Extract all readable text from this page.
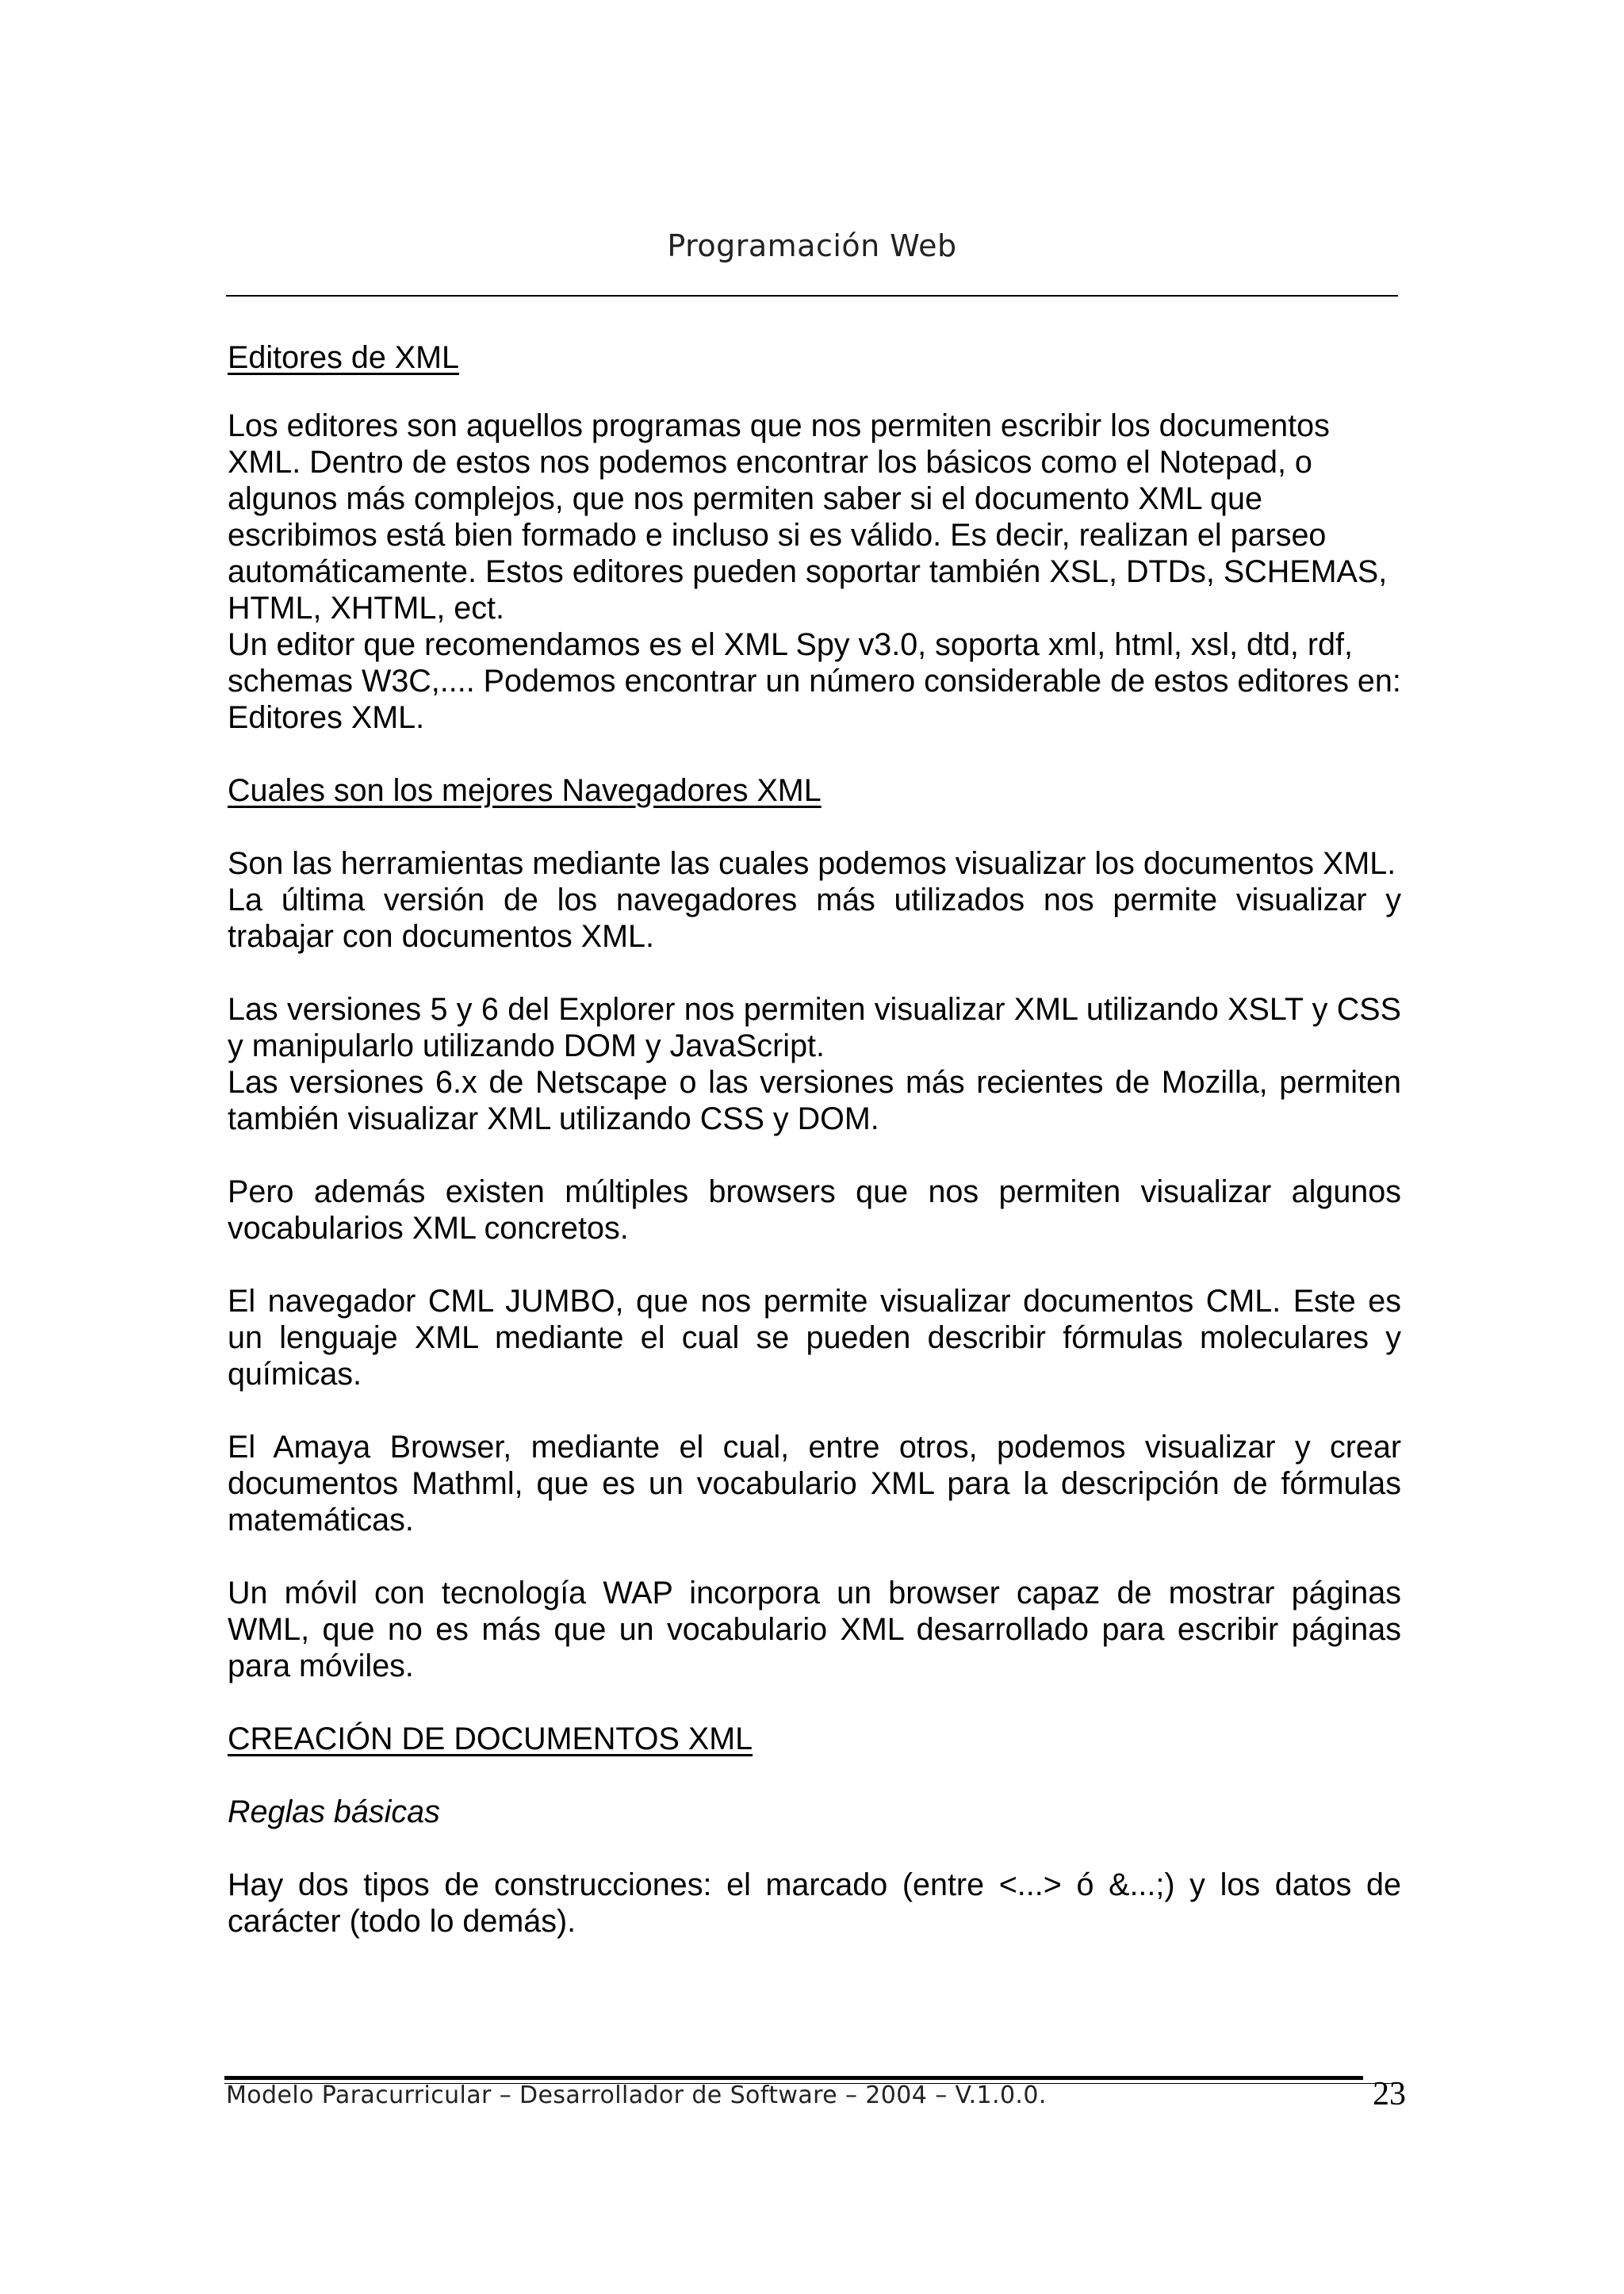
Programación Web
Editores de XML

Los editores son aquellos programas que nos permiten escribir los documentos XML. Dentro de estos nos podemos encontrar los básicos como el Notepad, o algunos más complejos, que nos permiten saber si el documento XML que escribimos está bien formado e incluso si es válido. Es decir, realizan el parseo automáticamente. Estos editores pueden soportar también XSL, DTDs, SCHEMAS, HTML, XHTML, ect.

Un editor que recomendamos es el XML Spy v3.0, soporta xml, html, xsl, dtd, rdf, schemas W3C,.... Podemos encontrar un número considerable de estos editores en: Editores XML.

Cuales son los mejores Navegadores XML

Son las herramientas mediante las cuales podemos visualizar los documentos XML.

La última versión de los navegadores más utilizados nos permite visualizar y trabajar con documentos XML.

Las versiones 5 y 6 del Explorer nos permiten visualizar XML utilizando XSLT y CSS y manipularlo utilizando DOM y JavaScript.

Las versiones 6.x de Netscape o las versiones más recientes de Mozilla, permiten también visualizar XML utilizando CSS y DOM.

Pero además existen múltiples browsers que nos permiten visualizar algunos vocabularios XML concretos.

El navegador CML JUMBO, que nos permite visualizar documentos CML. Este es un lenguaje XML mediante el cual se pueden describir fórmulas moleculares y químicas.

El Amaya Browser, mediante el cual, entre otros, podemos visualizar y crear documentos Mathml, que es un vocabulario XML para la descripción de fórmulas matemáticas.

Un móvil con tecnología WAP incorpora un browser capaz de mostrar páginas WML, que no es más que un vocabulario XML desarrollado para escribir páginas para móviles.

CREACIÓN DE DOCUMENTOS XML
Reglas básicas

Hay dos tipos de construcciones: el marcado (entre <...> ó &...;) y los datos de carácter (todo lo demás).

Modelo Paracurricular – Desarrollador de Software – 2004 – V.1.0.0.	23
